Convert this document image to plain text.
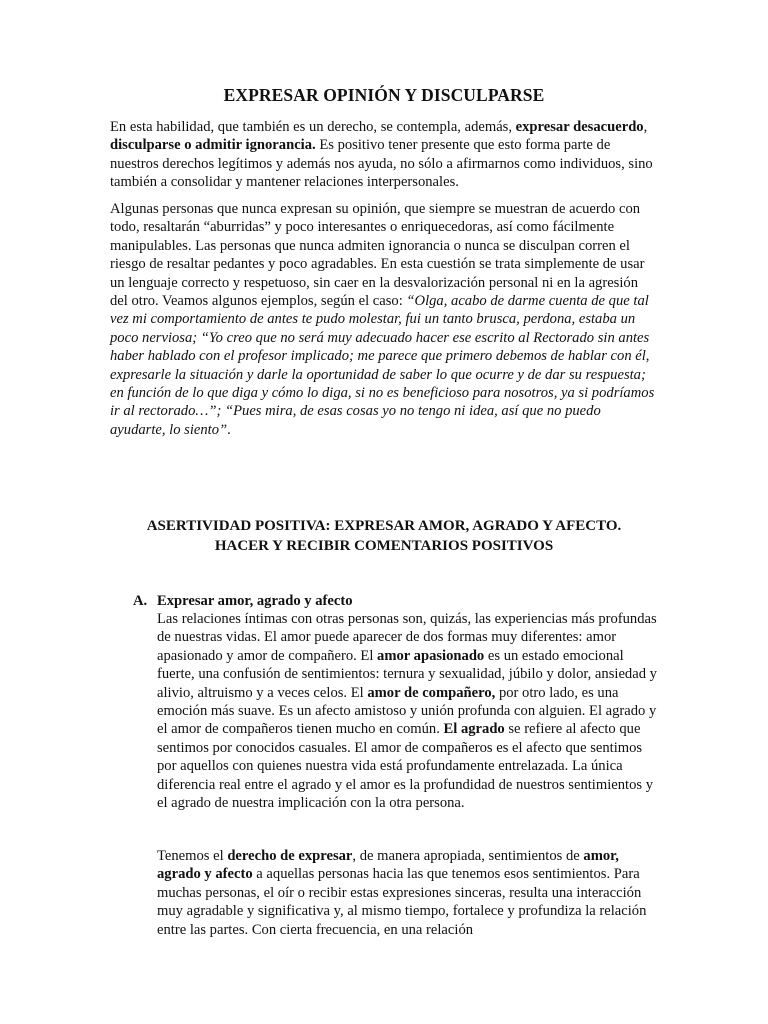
EXPRESAR OPINIÓN Y DISCULPARSE

En esta habilidad, que también es un derecho, se contempla, además, expresar desacuerdo, disculparse o admitir ignorancia. Es positivo tener presente que esto forma parte de nuestros derechos legítimos y además nos ayuda, no sólo a afirmarnos como individuos, sino también a consolidar y mantener relaciones interpersonales.

Algunas personas que nunca expresan su opinión, que siempre se muestran de acuerdo con todo, resaltarán “aburridas” y poco interesantes o enriquecedoras, así como fácilmente manipulables. Las personas que nunca admiten ignorancia o nunca se disculpan corren el riesgo de resaltar pedantes y poco agradables. En esta cuestión se trata simplemente de usar un lenguaje correcto y respetuoso, sin caer en la desvalorización personal ni en la agresión del otro. Veamos algunos ejemplos, según el caso: “Olga, acabo de darme cuenta de que tal vez mi comportamiento de antes te pudo molestar, fui un tanto brusca, perdona, estaba un poco nerviosa; “Yo creo que no será muy adecuado hacer ese escrito al Rectorado sin antes haber hablado con el profesor implicado; me parece que primero debemos de hablar con él, expresarle la situación y darle la oportunidad de saber lo que ocurre y de dar su respuesta; en función de lo que diga y cómo lo diga, si no es beneficioso para nosotros, ya si podríamos ir al rectorado…”; “Pues mira, de esas cosas yo no tengo ni idea, así que no puedo ayudarte, lo siento”.

ASERTIVIDAD POSITIVA: EXPRESAR AMOR, AGRADO Y AFECTO.
HACER Y RECIBIR COMENTARIOS POSITIVOS
A. Expresar amor, agrado y afecto

Las relaciones íntimas con otras personas son, quizás, las experiencias más profundas de nuestras vidas. El amor puede aparecer de dos formas muy diferentes: amor apasionado y amor de compañero. El amor apasionado es un estado emocional fuerte, una confusión de sentimientos: ternura y sexualidad, júbilo y dolor, ansiedad y alivio, altruismo y a veces celos. El amor de compañero, por otro lado, es una emoción más suave. Es un afecto amistoso y unión profunda con alguien. El agrado y el amor de compañeros tienen mucho en común. El agrado se refiere al afecto que sentimos por conocidos casuales. El amor de compañeros es el afecto que sentimos por aquellos con quienes nuestra vida está profundamente entrelazada. La única diferencia real entre el agrado y el amor es la profundidad de nuestros sentimientos y el agrado de nuestra implicación con la otra persona.

Tenemos el derecho de expresar, de manera apropiada, sentimientos de amor, agrado y afecto a aquellas personas hacia las que tenemos esos sentimientos. Para muchas personas, el oír o recibir estas expresiones sinceras, resulta una interacción muy agradable y significativa y, al mismo tiempo, fortalece y profundiza la relación entre las partes. Con cierta frecuencia, en una relación
